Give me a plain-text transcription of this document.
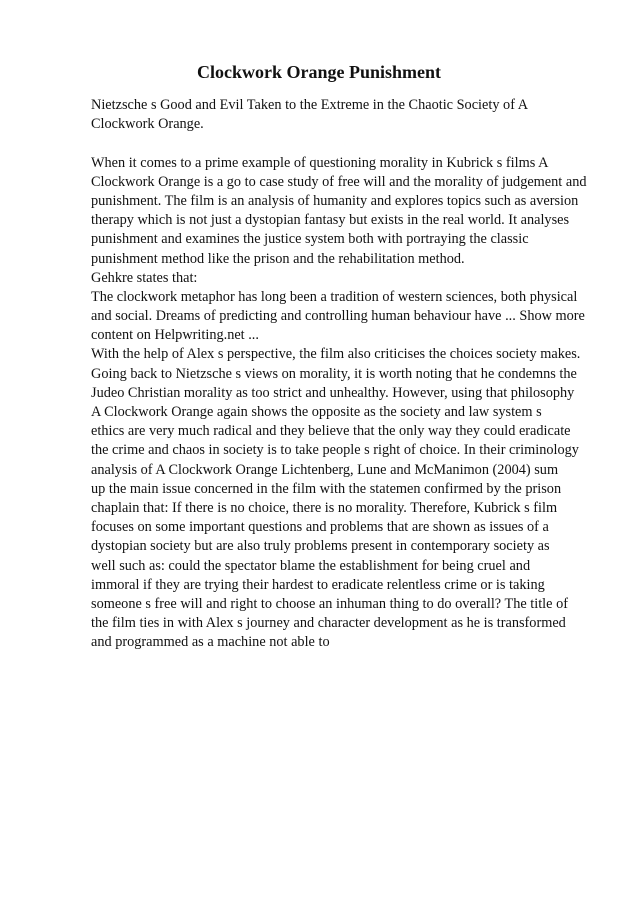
Clockwork Orange Punishment
Nietzsche s Good and Evil Taken to the Extreme in the Chaotic Society of A
Clockwork Orange.
When it comes to a prime example of questioning morality in Kubrick s films A
Clockwork Orange is a go to case study of free will and the morality of judgement and
punishment. The film is an analysis of humanity and explores topics such as aversion
therapy which is not just a dystopian fantasy but exists in the real world. It analyses
punishment and examines the justice system both with portraying the classic
punishment method like the prison and the rehabilitation method.
Gehkre states that:
The clockwork metaphor has long been a tradition of western sciences, both physical
and social. Dreams of predicting and controlling human behaviour have ... Show more
content on Helpwriting.net ...
With the help of Alex s perspective, the film also criticises the choices society makes.
Going back to Nietzsche s views on morality, it is worth noting that he condemns the
Judeo Christian morality as too strict and unhealthy. However, using that philosophy
A Clockwork Orange again shows the opposite as the society and law system s
ethics are very much radical and they believe that the only way they could eradicate
the crime and chaos in society is to take people s right of choice. In their criminology
analysis of A Clockwork Orange Lichtenberg, Lune and McManimon (2004) sum
up the main issue concerned in the film with the statemen confirmed by the prison
chaplain that: If there is no choice, there is no morality. Therefore, Kubrick s film
focuses on some important questions and problems that are shown as issues of a
dystopian society but are also truly problems present in contemporary society as
well such as: could the spectator blame the establishment for being cruel and
immoral if they are trying their hardest to eradicate relentless crime or is taking
someone s free will and right to choose an inhuman thing to do overall? The title of
the film ties in with Alex s journey and character development as he is transformed
and programmed as a machine not able to
